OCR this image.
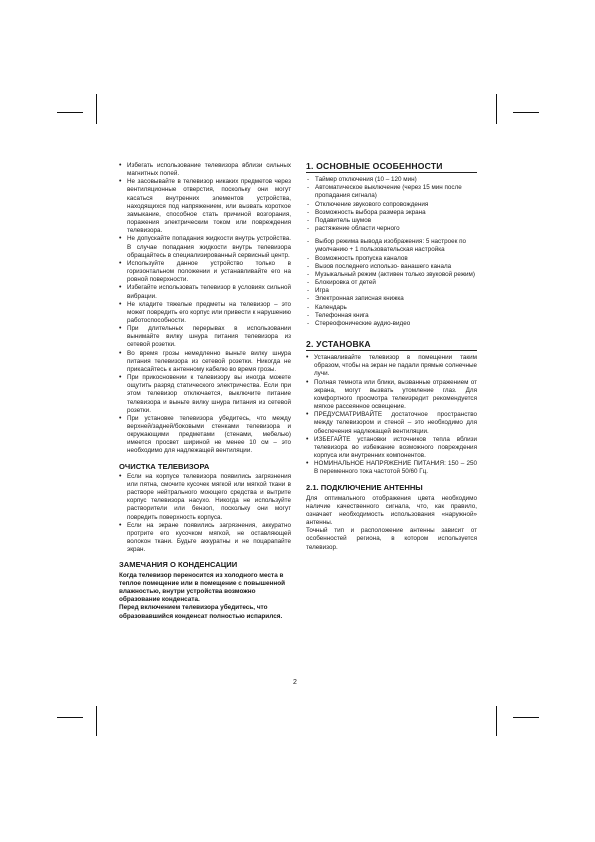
• Избегать использование телевизора вблизи сильных магнитных полей.
• Не засовывайте в телевизор никаких предметов через вентиляционные отверстия, поскольку они могут касаться внутренних элементов устройства, находящихся под напряжением, или вызвать короткое замыкание, способное стать причиной возгорания, поражения электрическим током или повреждения телевизора.
• Не допускайте попадания жидкости внутрь устройства. В случае попадания жидкости внутрь телевизора обращайтесь в специализированный сервисный центр.
• Используйте данное устройство только в горизонтальном положении и устанавливайте его на ровной поверхности.
• Избегайте использовать телевизор в условиях сильной вибрации.
• Не кладите тяжелые предметы на телевизор – это может повредить его корпус или привести к нарушению работоспособности.
• При длительных перерывах в использовании вынимайте вилку шнура питания телевизора из сетевой розетки.
• Во время грозы немедленно выньте вилку шнура питания телевизора из сетевой розетки. Никогда не прикасайтесь к антенному кабелю во время грозы.
• При прикосновении к телевизору вы иногда можете ощутить разряд статического электричества. Если при этом телевизор отключается, выключите питание телевизора и выньте вилку шнура питания из сетевой розетки.
• При установке телевизора убедитесь, что между верхней/задней/боковыми стенками телевизора и окружающими предметами (стенами, мебелью) имеется просвет шириной не менее 10 см – это необходимо для надлежащей вентиляции.
ОЧИСТКА ТЕЛЕВИЗОРА
• Если на корпусе телевизора появились загрязнения или пятна, смочите кусочек мягкой или мягкой ткани в растворе нейтрального моющего средства и вытрите корпус телевизора насухо. Никогда не используйте растворители или бензол, поскольку они могут повредить поверхность корпуса.
• Если на экране появились загрязнения, аккуратно протрите его кусочком мягкой, не оставляющей волокон ткани. Будьте аккуратны и не поцарапайте экран.
ЗАМЕЧАНИЯ О КОНДЕНСАЦИИ

Когда телевизор переносится из холодного места в теплое помещение или в помещение с повышенной влажностью, внутри устройства возможно образование конденсата.

Перед включением телевизора убедитесь, что образовавшийся конденсат полностью испарился.

1. ОСНОВНЫЕ ОСОБЕННОСТИ
- Таймер отключения (10 – 120 мин)
- Автоматическое выключение (через 15 мин после пропадания сигнала)
- Отключение звукового сопровождения
- Возможность выбора размера экрана
- Подавитель шумов
- растяжение области черного
- Выбор режима вывода изображения: 5 настроек по умолчанию + 1 пользовательская настройка
- Возможность пропуска каналов
- Вызов последнего использо- ванашего канала
- Музыкальный режим (активен только звуковой режим)
- Блокировка от детей
- Игра
- Электронная записная книжка
- Календарь
- Телефонная книга
- Стереофонические аудио-видео
2. УСТАНОВКА
• Устанавливайте телевизор в помещении таким образом, чтобы на экран не падали прямые солнечные лучи.
• Полная темнота или блики, вызванные отражением от экрана, могут вызвать утомление глаз. Для комфортного просмотра телеизредит рекомендуется мягкое рассеянное освещение.
• ПРЕДУСМАТРИВАЙТЕ достаточное пространство между телевизором и стеной – это необходимо для обеспечения надлежащей вентиляции.
• ИЗБЕГАЙТЕ установки источников тепла вблизи телевизора во избежание возможного повреждения корпуса или внутренних компонентов.
• НОМИНАЛЬНОЕ НАПРЯЖЕНИЕ ПИТАНИЯ: 150 – 250 В переменного тока частотой 50/60 Гц.
2.1. ПОДКЛЮЧЕНИЕ АНТЕННЫ

Для оптимального отображения цвета необходимо наличие качественного сигнала, что, как правило, означает необходимость использования «наружной» антенны.

Точный тип и расположение антенны зависит от особенностей региона, в котором используется телевизор.

2
